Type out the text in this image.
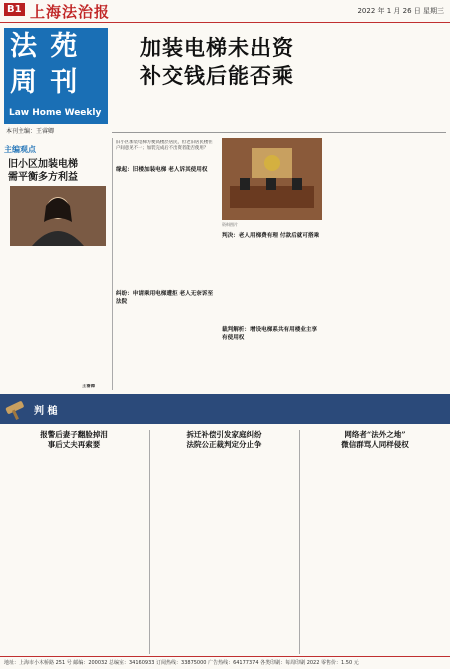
B1 上海法治报	2022 年 1 月 26 日 星期三
法 苑
周 刊
Law Home Weekly
本刊主编：王睿卿
加装电梯未出资
补交钱后能否乘
主编观点
旧小区加装电梯
需平衡多方利益
王睿卿
旧小区加装电梯方便高楼层居民，但老旧居民楼住户间意见不一；加装完成后不出资者能否使用？
缘起：旧楼加装电梯 老人诉其使用权
纠纷：申请乘用电梯遭拒 老人无奈诉至法院
资料图片
判决：老人用梯费有理 付款后就可搭乘
裁判解析：增设电梯系共有用楼业主享有使用权
判 槌
报警后妻子翻脸掉泪
事后丈夫再索要
拆迁补偿引发家庭纠纷
法院公正裁判定分止争
网络者“法外之地”
微信群骂人同样侵权
地址：上海市小木桥路 251 号 邮编：200032 总编室：34160933 订阅热线：33875000 广告热线：64177374 各类印刷：每周印刷 2022 零售价：1.50 元
